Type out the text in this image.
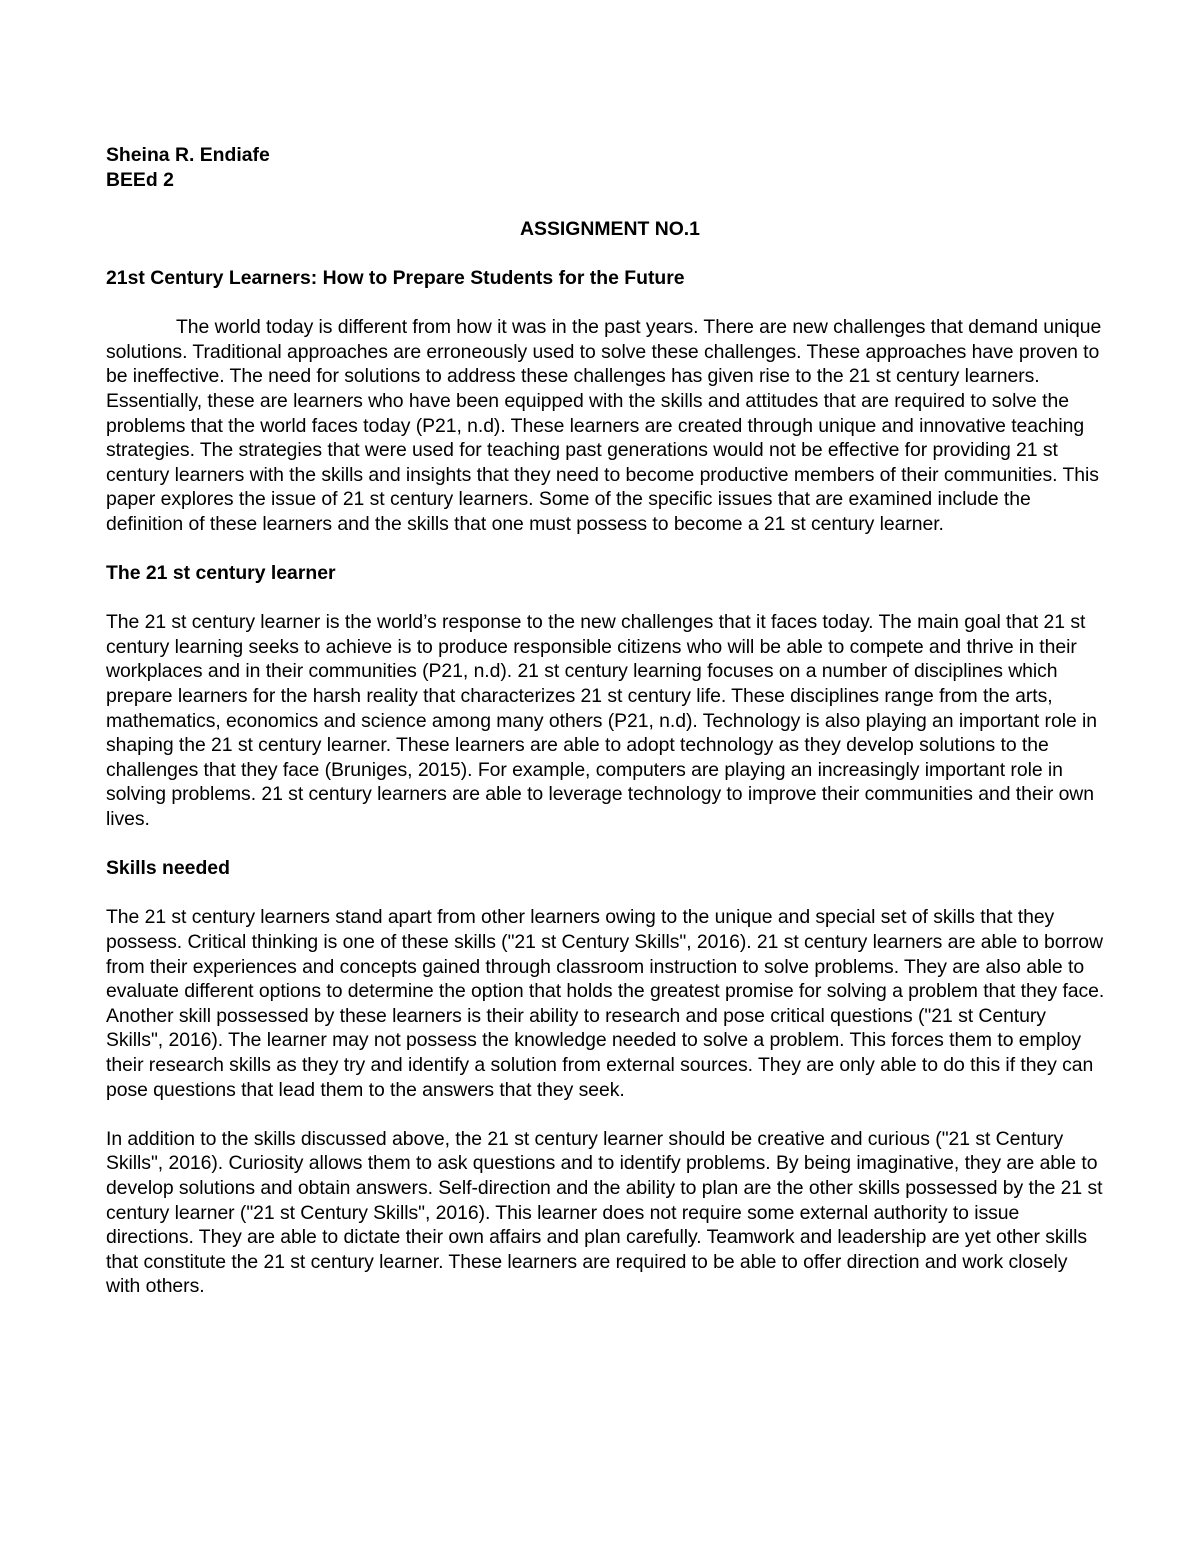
Sheina R. Endiafe

BEEd 2

ASSIGNMENT NO.1

21st Century Learners: How to Prepare Students for the Future

The world today is different from how it was in the past years. There are new challenges that demand unique solutions. Traditional approaches are erroneously used to solve these challenges. These approaches have proven to be ineffective. The need for solutions to address these challenges has given rise to the 21 st century learners. Essentially, these are learners who have been equipped with the skills and attitudes that are required to solve the problems that the world faces today (P21, n.d). These learners are created through unique and innovative teaching strategies. The strategies that were used for teaching past generations would not be effective for providing 21 st century learners with the skills and insights that they need to become productive members of their communities. This paper explores the issue of 21 st century learners. Some of the specific issues that are examined include the definition of these learners and the skills that one must possess to become a 21 st century learner.

The 21 st century learner

The 21 st century learner is the world’s response to the new challenges that it faces today. The main goal that 21 st century learning seeks to achieve is to produce responsible citizens who will be able to compete and thrive in their workplaces and in their communities (P21, n.d). 21 st century learning focuses on a number of disciplines which prepare learners for the harsh reality that characterizes 21 st century life. These disciplines range from the arts, mathematics, economics and science among many others (P21, n.d). Technology is also playing an important role in shaping the 21 st century learner. These learners are able to adopt technology as they develop solutions to the challenges that they face (Bruniges, 2015). For example, computers are playing an increasingly important role in solving problems. 21 st century learners are able to leverage technology to improve their communities and their own lives.

Skills needed

The 21 st century learners stand apart from other learners owing to the unique and special set of skills that they possess. Critical thinking is one of these skills ("21 st Century Skills", 2016). 21 st century learners are able to borrow from their experiences and concepts gained through classroom instruction to solve problems. They are also able to evaluate different options to determine the option that holds the greatest promise for solving a problem that they face. Another skill possessed by these learners is their ability to research and pose critical questions ("21 st Century Skills", 2016). The learner may not possess the knowledge needed to solve a problem. This forces them to employ their research skills as they try and identify a solution from external sources. They are only able to do this if they can pose questions that lead them to the answers that they seek.

In addition to the skills discussed above, the 21 st century learner should be creative and curious ("21 st Century Skills", 2016). Curiosity allows them to ask questions and to identify problems. By being imaginative, they are able to develop solutions and obtain answers. Self-direction and the ability to plan are the other skills possessed by the 21 st century learner ("21 st Century Skills", 2016). This learner does not require some external authority to issue directions. They are able to dictate their own affairs and plan carefully. Teamwork and leadership are yet other skills that constitute the 21 st century learner. These learners are required to be able to offer direction and work closely with others.
